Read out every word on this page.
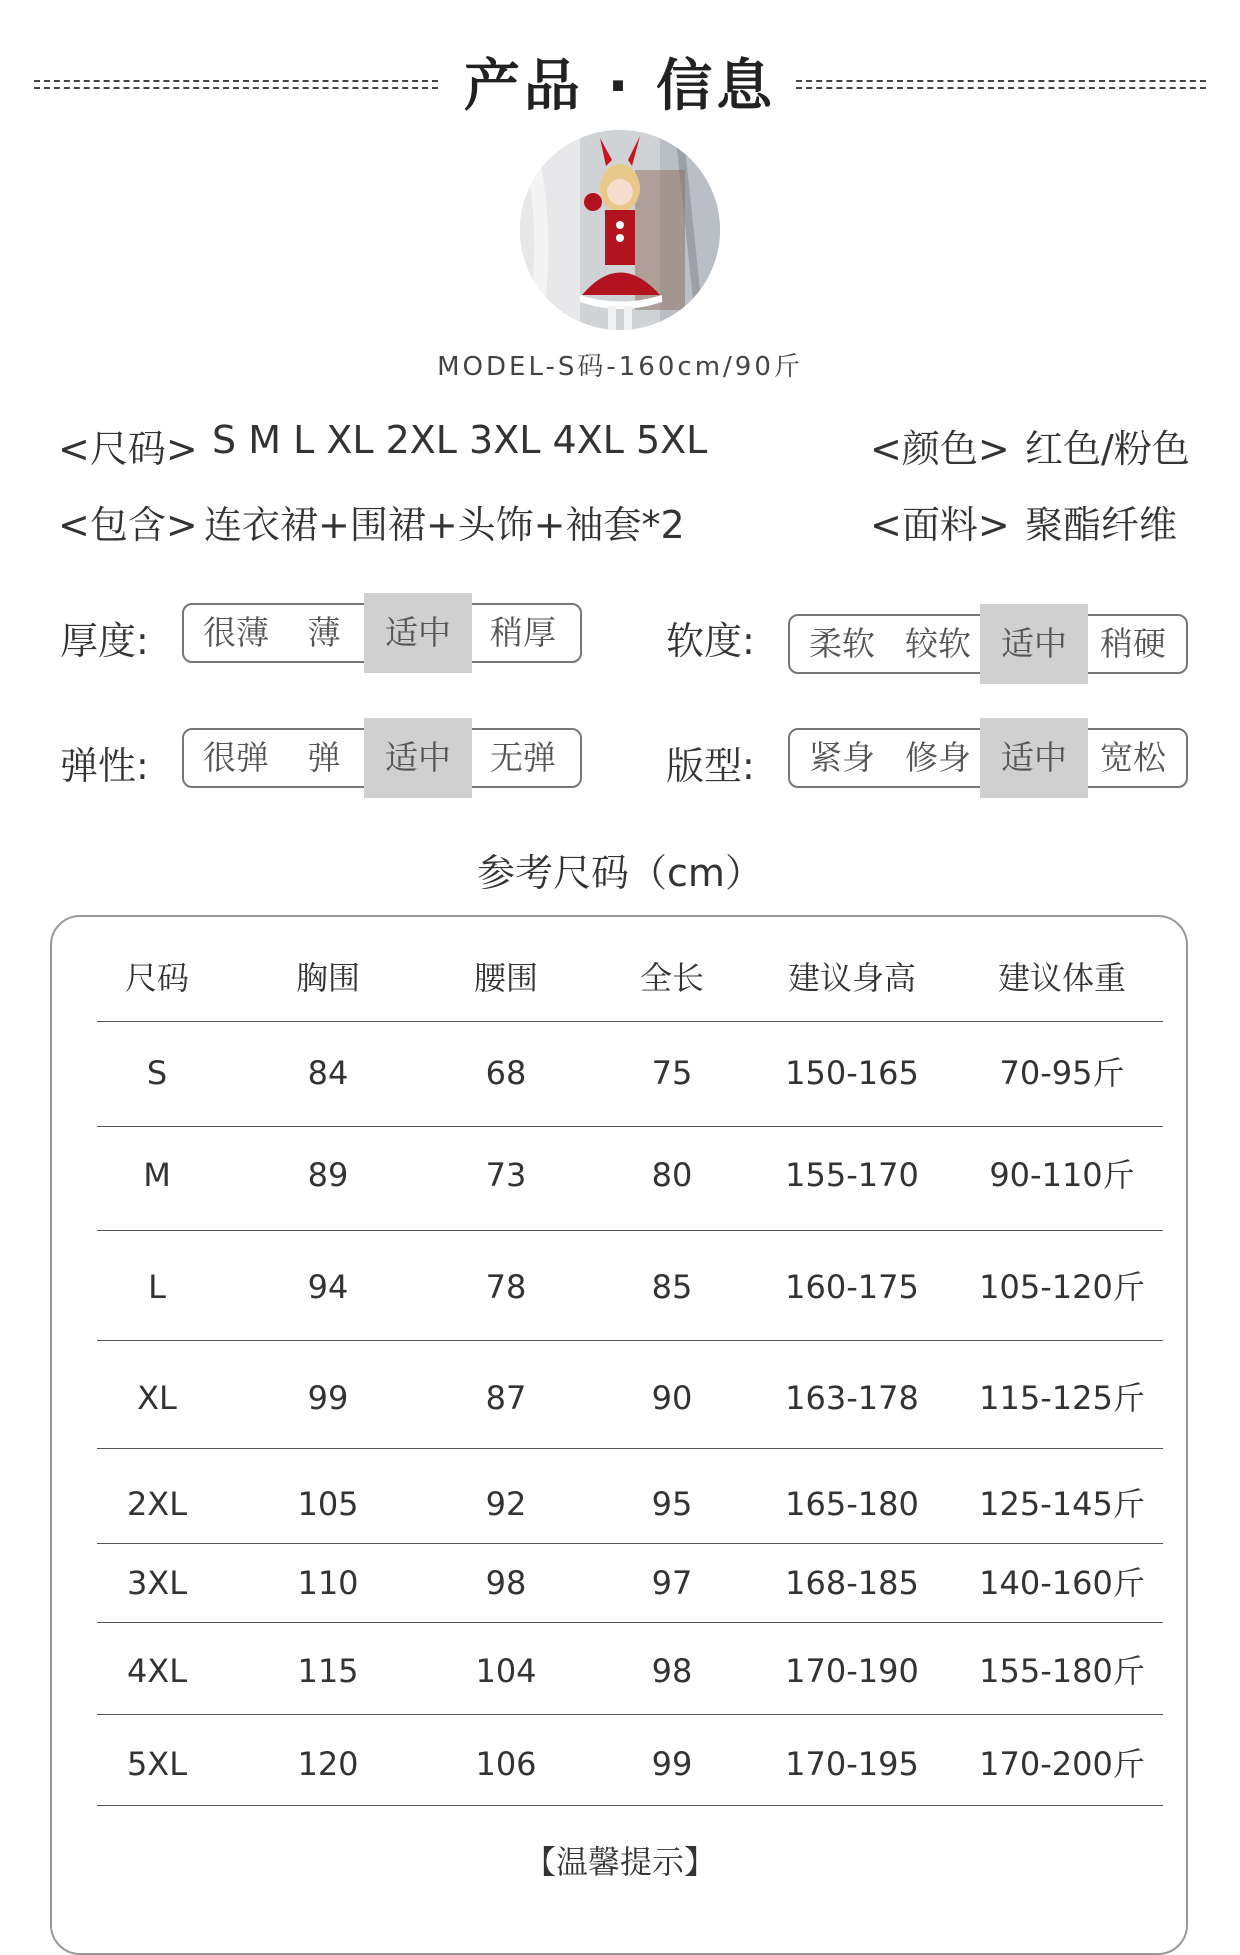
产品 · 信息
MODEL-S码-160cm/90斤
<尺码> S M L XL 2XL 3XL 4XL 5XL	<颜色> 红色/粉色
<包含> 连衣裙+围裙+头饰+袖套*2	<面料> 聚酯纤维
厚度:	很薄	薄	适中	稍厚	软度:	柔软 较软 适中	稍硬
弹性:	很弹	弹	适中	无弹	版型:	紧身 修身 适中	宽松
参考尺码（cm）
尺码	胸围	腰围	全长	建议身高	建议体重
S	84	68	75	150-165	70-95斤
M	89	73	80	155-170	90-110斤
L	94	78	85	160-175	105-120斤
XL	99	87	90	163-178	115-125斤
2XL	105	92	95	165-180	125-145斤
3XL	110	98	97	168-185	140-160斤
4XL	115	104	98	170-190	155-180斤
5XL	120	106	99	170-195	170-200斤
【温馨提示】
